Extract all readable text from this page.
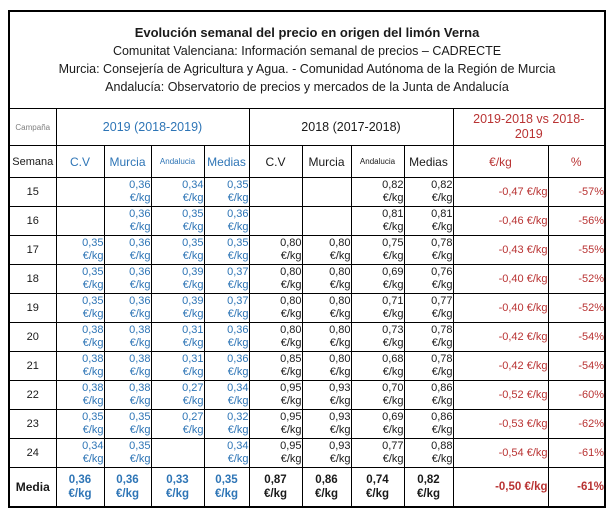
Evolución semanal del precio en origen del limón Verna
Comunitat Valenciana: Información semanal de precios – CADRECTE
Murcia: Consejería de Agricultura y Agua. - Comunidad Autónoma de la Región de Murcia
Andalucía: Observatorio de precios y mercados de la Junta de Andalucía										

Campaña	2019 (2018-2019)				2018 (2017-2018)				2019-2018 vs 2018-2019	
Semana	C.V	Murcia	Andalucia	Medias	C.V	Murcia	Andalucia	Medias	€/kg	%
15		0,36
€/kg	0,34
€/kg	0,35
€/kg			0,82
€/kg	0,82
€/kg	-0,47 €/kg	-57%
16		0,36
€/kg	0,35
€/kg	0,36
€/kg			0,81
€/kg	0,81
€/kg	-0,46 €/kg	-56%
17	0,35
€/kg	0,36
€/kg	0,35
€/kg	0,35
€/kg	0,80
€/kg	0,80
€/kg	0,75
€/kg	0,78
€/kg	-0,43 €/kg	-55%
18	0,35
€/kg	0,36
€/kg	0,39
€/kg	0,37
€/kg	0,80
€/kg	0,80
€/kg	0,69
€/kg	0,76
€/kg	-0,40 €/kg	-52%
19	0,35
€/kg	0,36
€/kg	0,39
€/kg	0,37
€/kg	0,80
€/kg	0,80
€/kg	0,71
€/kg	0,77
€/kg	-0,40 €/kg	-52%
20	0,38
€/kg	0,38
€/kg	0,31
€/kg	0,36
€/kg	0,80
€/kg	0,80
€/kg	0,73
€/kg	0,78
€/kg	-0,42 €/kg	-54%
21	0,38
€/kg	0,38
€/kg	0,31
€/kg	0,36
€/kg	0,85
€/kg	0,80
€/kg	0,68
€/kg	0,78
€/kg	-0,42 €/kg	-54%
22	0,38
€/kg	0,38
€/kg	0,27
€/kg	0,34
€/kg	0,95
€/kg	0,93
€/kg	0,70
€/kg	0,86
€/kg	-0,52 €/kg	-60%
23	0,35
€/kg	0,35
€/kg	0,27
€/kg	0,32
€/kg	0,95
€/kg	0,93
€/kg	0,69
€/kg	0,86
€/kg	-0,53 €/kg	-62%
24	0,34
€/kg	0,35
€/kg		0,34
€/kg	0,95
€/kg	0,93
€/kg	0,77
€/kg	0,88
€/kg	-0,54 €/kg	-61%
Media	0,36
€/kg	0,36
€/kg	0,33
€/kg	0,35
€/kg	0,87
€/kg	0,86
€/kg	0,74
€/kg	0,82
€/kg	-0,50 €/kg	-61%
